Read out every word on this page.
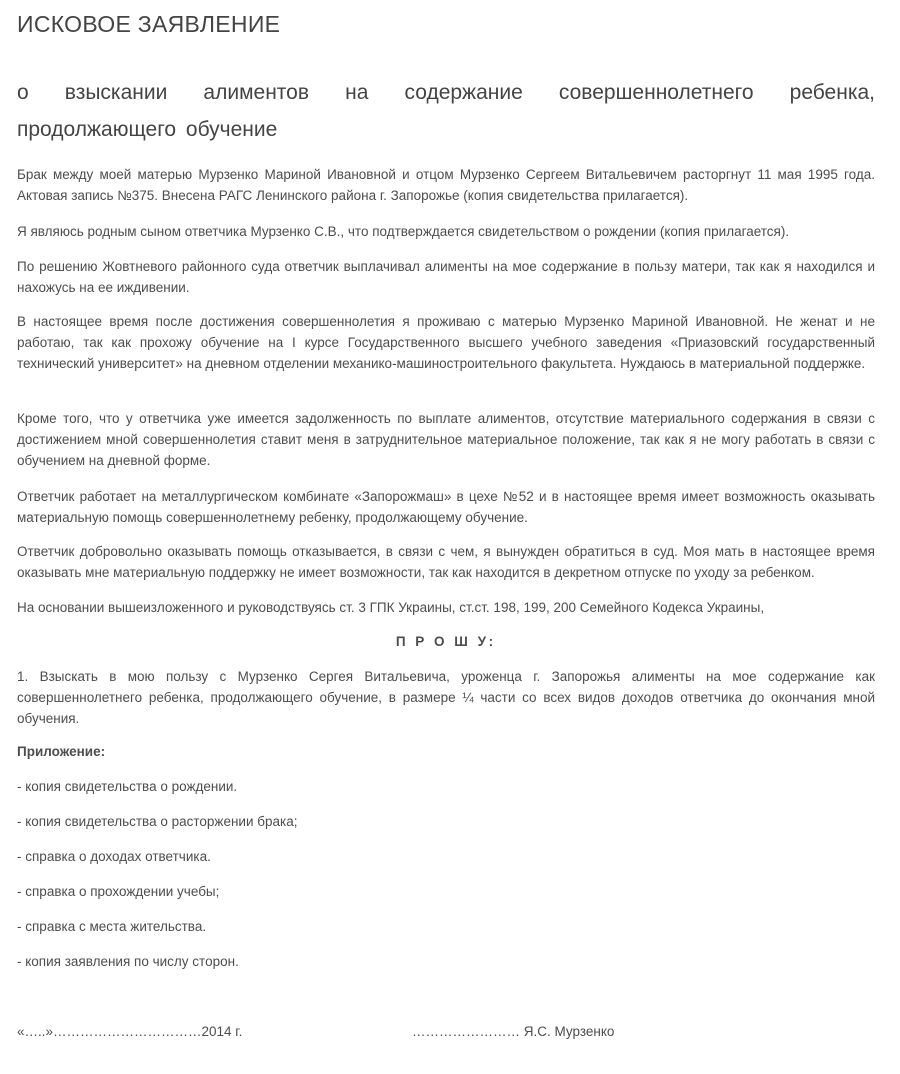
ИСКОВОЕ ЗАЯВЛЕНИЕ
о взыскании алиментов на содержание совершеннолетнего ребенка, продолжающего обучение

Брак между моей матерью Мурзенко Мариной Ивановной и отцом Мурзенко Сергеем Витальевичем расторгнут 11 мая 1995 года. Актовая запись №375. Внесена РАГС Ленинского района г. Запорожье (копия свидетельства прилагается).

Я являюсь родным сыном ответчика Мурзенко С.В., что подтверждается свидетельством о рождении (копия прилагается).

По решению Жовтневого районного суда ответчик выплачивал алименты на мое содержание в пользу матери, так как я находился и нахожусь на ее иждивении.

В настоящее время после достижения совершеннолетия я проживаю с матерью Мурзенко Мариной Ивановной. Не женат и не работаю, так как прохожу обучение на I курсе Государственного высшего учебного заведения «Приазовский государственный технический университет» на дневном отделении механико-машиностроительного факультета. Нуждаюсь в материальной поддержке.

Кроме того, что у ответчика уже имеется задолженность по выплате алиментов, отсутствие материального содержания в связи с достижением мной совершеннолетия ставит меня в затруднительное материальное положение, так как я не могу работать в связи с обучением на дневной форме.

Ответчик работает на металлургическом комбинате «Запорожмаш» в цехе №52 и в настоящее время имеет возможность оказывать материальную помощь совершеннолетнему ребенку, продолжающему обучение.

Ответчик добровольно оказывать помощь отказывается, в связи с чем, я вынужден обратиться в суд. Моя мать в настоящее время оказывать мне материальную поддержку не имеет возможности, так как находится в декретном отпуске по уходу за ребенком.

На основании вышеизложенного и руководствуясь ст. 3 ГПК Украины, ст.ст. 198, 199, 200 Семейного Кодекса Украины,

П Р О Ш У:

1. Взыскать в мою пользу с Мурзенко Сергея Витальевича, уроженца г. Запорожья алименты на мое содержание как совершеннолетнего ребенка, продолжающего обучение, в размере ¼ части со всех видов доходов ответчика до окончания мной обучения.

Приложение:
- копия свидетельства о рождении.
- копия свидетельства о расторжении брака;
- справка о доходах ответчика.
- справка о прохождении учебы;
- справка с места жительства.
- копия заявления по числу сторон.
«…..»……………………………2014 г.	…………………… Я.С. Мурзенко
